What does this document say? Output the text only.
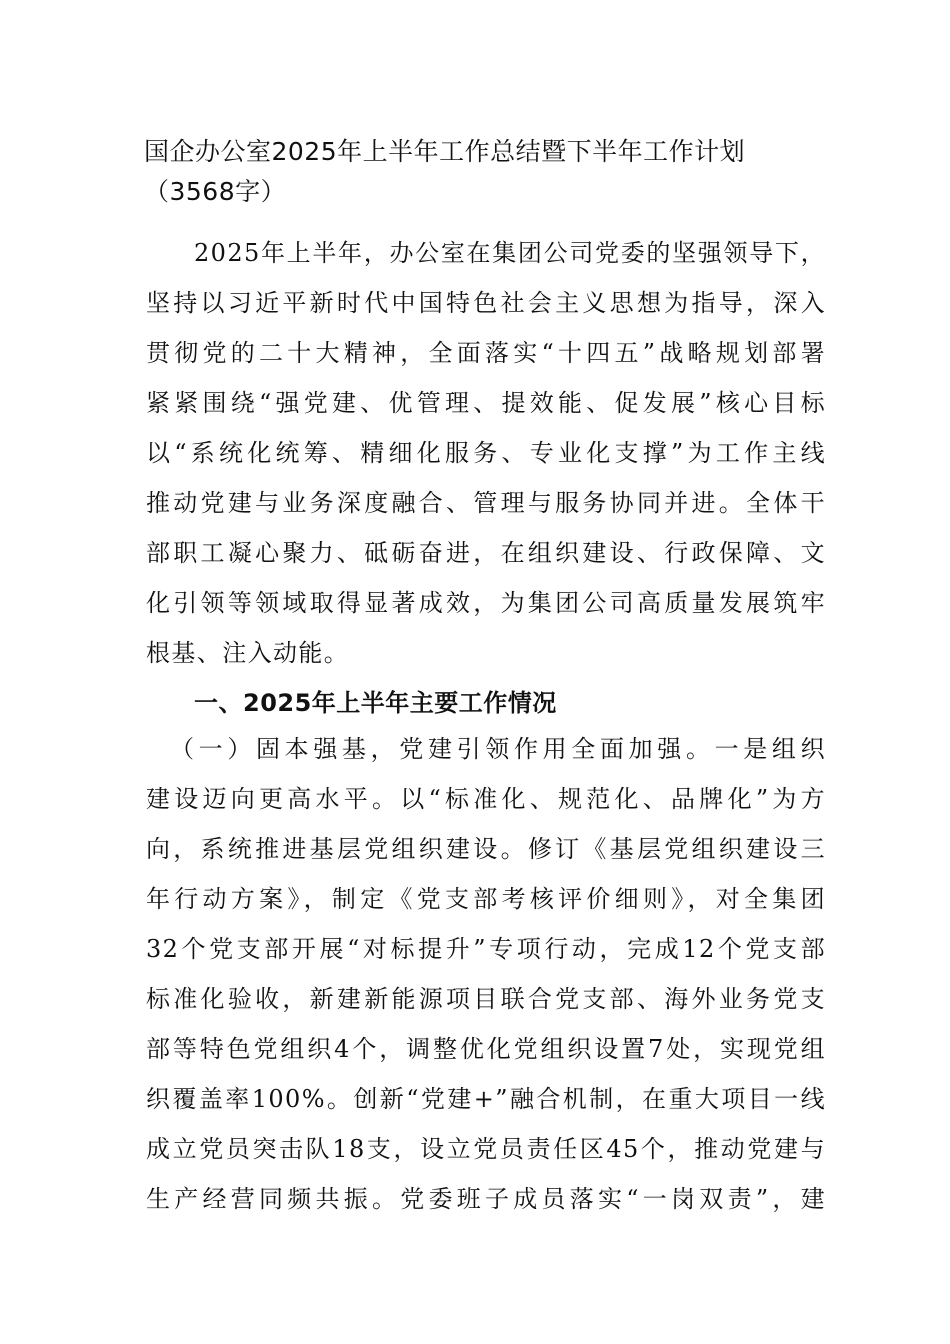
国企办公室2025年上半年工作总结暨下半年工作计划
（3568字）
2025年上半年，办公室在集团公司党委的坚强领导下，
坚持以习近平新时代中国特色社会主义思想为指导，深入
贯彻党的二十大精神，全面落实“十四五”战略规划部署
紧紧围绕“强党建、优管理、提效能、促发展”核心目标
以“系统化统筹、精细化服务、专业化支撑”为工作主线
推动党建与业务深度融合、管理与服务协同并进。全体干
部职工凝心聚力、砥砺奋进，在组织建设、行政保障、文
化引领等领域取得显著成效，为集团公司高质量发展筑牢
根基、注入动能。
一、2025年上半年主要工作情况
（一）固本强基，党建引领作用全面加强。一是组织
建设迈向更高水平。以“标准化、规范化、品牌化”为方
向，系统推进基层党组织建设。修订《基层党组织建设三
年行动方案》，制定《党支部考核评价细则》，对全集团
32个党支部开展“对标提升”专项行动，完成12个党支部
标准化验收，新建新能源项目联合党支部、海外业务党支
部等特色党组织4个，调整优化党组织设置7处，实现党组
织覆盖率100%。创新“党建+”融合机制，在重大项目一线
成立党员突击队18支，设立党员责任区45个，推动党建与
生产经营同频共振。党委班子成员落实“一岗双责”，建
